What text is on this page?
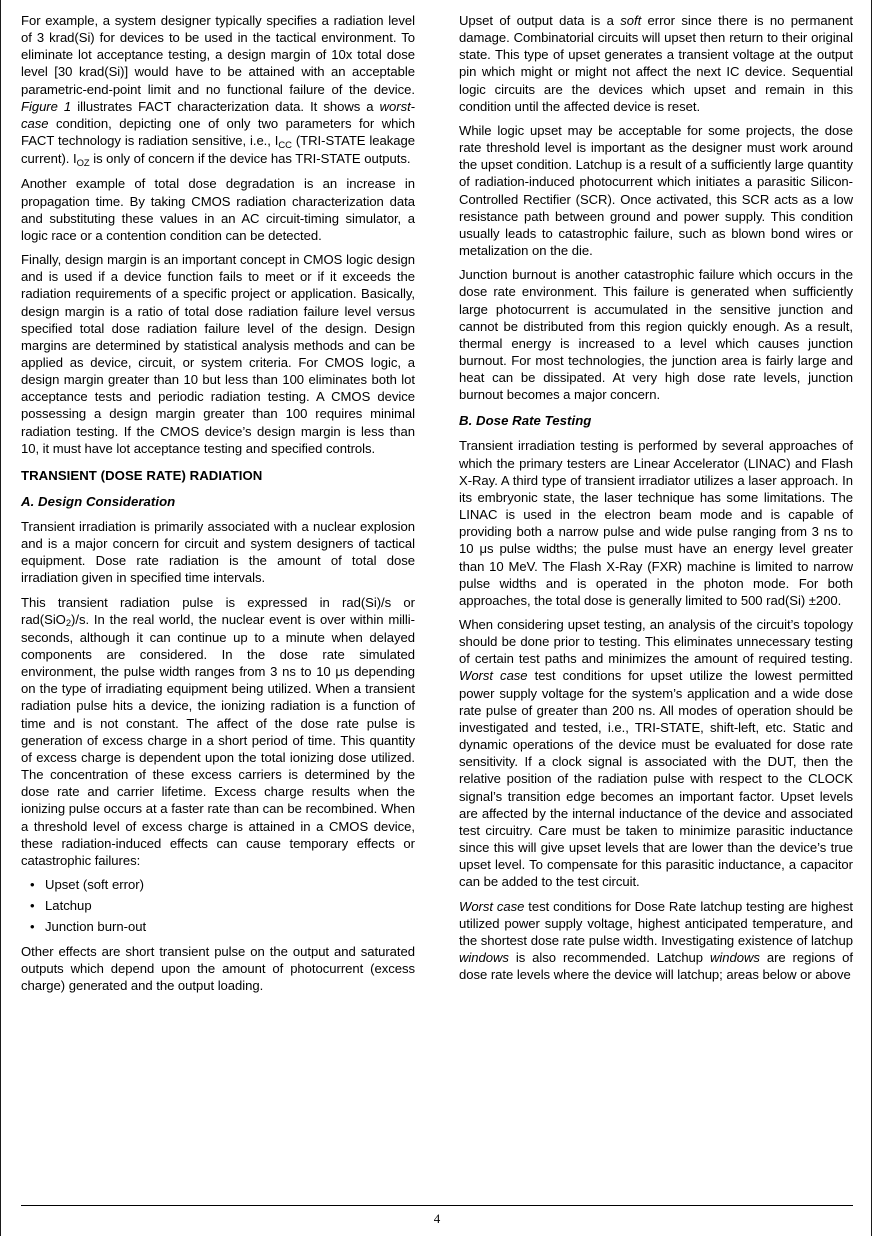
For example, a system designer typically specifies a radiation level of 3 krad(Si) for devices to be used in the tactical environment. To eliminate lot acceptance testing, a design margin of 10x total dose level [30 krad(Si)] would have to be attained with an acceptable parametric-end-point limit and no functional failure of the device. Figure 1 illustrates FACT characterization data. It shows a worst-case condition, depicting one of only two parameters for which FACT technology is radiation sensitive, i.e., $I_{CC}$ (TRI-STATE leakage current). $I_{OZ}$ is only of concern if the device has TRI-STATE outputs.

Another example of total dose degradation is an increase in propagation time. By taking CMOS radiation characterization data and substituting these values in an AC circuit-timing simulator, a logic race or a contention condition can be detected.

Finally, design margin is an important concept in CMOS logic design and is used if a device function fails to meet or if it exceeds the radiation requirements of a specific project or application. Basically, design margin is a ratio of total dose radiation failure level versus specified total dose radiation failure level of the design. Design margins are determined by statistical analysis methods and can be applied as device, circuit, or system criteria. For CMOS logic, a design margin greater than 10 but less than 100 eliminates both lot acceptance tests and periodic radiation testing. A CMOS device possessing a design margin greater than 100 requires minimal radiation testing. If the CMOS device’s design margin is less than 10, it must have lot acceptance testing and specified controls.

TRANSIENT (DOSE RATE) RADIATION
A. Design Consideration

Transient irradiation is primarily associated with a nuclear explosion and is a major concern for circuit and system designers of tactical equipment. Dose rate radiation is the amount of total dose irradiation given in specified time intervals.

This transient radiation pulse is expressed in rad(Si)/s or rad(SiO$_2$)/s. In the real world, the nuclear event is over within milli-seconds, although it can continue up to a minute when delayed components are considered. In the dose rate simulated environment, the pulse width ranges from 3 ns to 10 μs depending on the type of irradiating equipment being utilized. When a transient radiation pulse hits a device, the ionizing radiation is a function of time and is not constant. The affect of the dose rate pulse is generation of excess charge in a short period of time. This quantity of excess charge is dependent upon the total ionizing dose utilized. The concentration of these excess carriers is determined by the dose rate and carrier lifetime. Excess charge results when the ionizing pulse occurs at a faster rate than can be recombined. When a threshold level of excess charge is attained in a CMOS device, these radiation-induced effects can cause temporary effects or catastrophic failures:

• Upset (soft error)
• Latchup
• Junction burn-out

Other effects are short transient pulse on the output and saturated outputs which depend upon the amount of photocurrent (excess charge) generated and the output loading.

Upset of output data is a soft error since there is no permanent damage. Combinatorial circuits will upset then return to their original state. This type of upset generates a transient voltage at the output pin which might or might not affect the next IC device. Sequential logic circuits are the devices which upset and remain in this condition until the affected device is reset.

While logic upset may be acceptable for some projects, the dose rate threshold level is important as the designer must work around the upset condition. Latchup is a result of a sufficiently large quantity of radiation-induced photocurrent which initiates a parasitic Silicon-Controlled Rectifier (SCR). Once activated, this SCR acts as a low resistance path between ground and power supply. This condition usually leads to catastrophic failure, such as blown bond wires or metalization on the die.

Junction burnout is another catastrophic failure which occurs in the dose rate environment. This failure is generated when sufficiently large photocurrent is accumulated in the sensitive junction and cannot be distributed from this region quickly enough. As a result, thermal energy is increased to a level which causes junction burnout. For most technologies, the junction area is fairly large and heat can be dissipated. At very high dose rate levels, junction burnout becomes a major concern.

B. Dose Rate Testing

Transient irradiation testing is performed by several approaches of which the primary testers are Linear Accelerator (LINAC) and Flash X-Ray. A third type of transient irradiator utilizes a laser approach. In its embryonic state, the laser technique has some limitations. The LINAC is used in the electron beam mode and is capable of providing both a narrow pulse and wide pulse ranging from 3 ns to 10 μs pulse widths; the pulse must have an energy level greater than 10 MeV. The Flash X-Ray (FXR) machine is limited to narrow pulse widths and is operated in the photon mode. For both approaches, the total dose is generally limited to 500 rad(Si) ±200.

When considering upset testing, an analysis of the circuit’s topology should be done prior to testing. This eliminates unnecessary testing of certain test paths and minimizes the amount of required testing. Worst case test conditions for upset utilize the lowest permitted power supply voltage for the system’s application and a wide dose rate pulse of greater than 200 ns. All modes of operation should be investigated and tested, i.e., TRI-STATE, shift-left, etc. Static and dynamic operations of the device must be evaluated for dose rate sensitivity. If a clock signal is associated with the DUT, then the relative position of the radiation pulse with respect to the CLOCK signal’s transition edge becomes an important factor. Upset levels are affected by the internal inductance of the device and associated test circuitry. Care must be taken to minimize parasitic inductance since this will give upset levels that are lower than the device’s true upset level. To compensate for this parasitic inductance, a capacitor can be added to the test circuit.

Worst case test conditions for Dose Rate latchup testing are highest utilized power supply voltage, highest anticipated temperature, and the shortest dose rate pulse width. Investigating existence of latchup windows is also recommended. Latchup windows are regions of dose rate levels where the device will latchup; areas below or above

4
